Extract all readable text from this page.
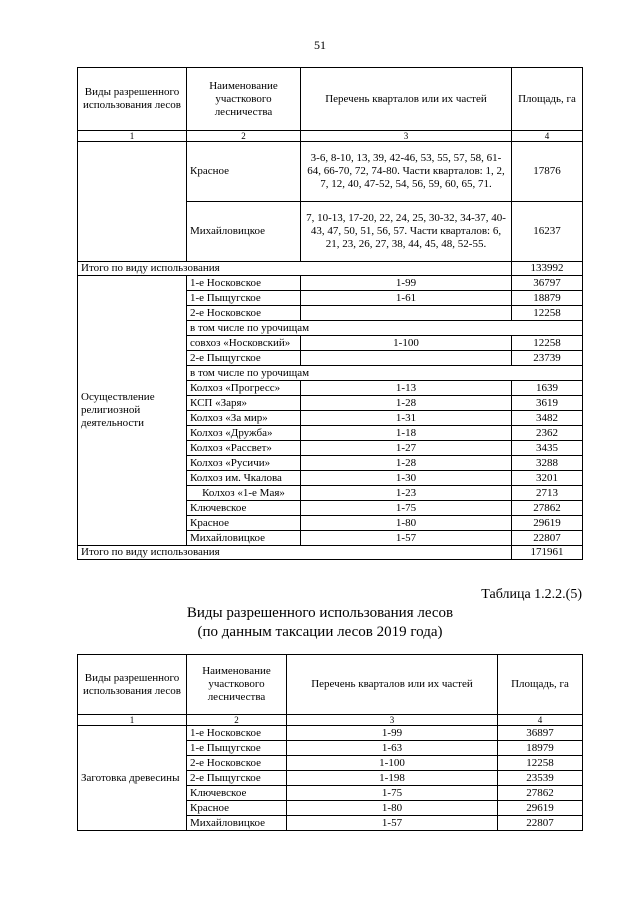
51
Виды разрешенного использования лесов	Наименование участкового лесничества	Перечень кварталов или их частей	Площадь, га
1	2	3	4
	Красное	3-6, 8-10, 13, 39, 42-46, 53, 55, 57, 58, 61-64, 66-70, 72, 74-80. Части кварталов: 1, 2, 7, 12, 40, 47-52, 54, 56, 59, 60, 65, 71.	17876
	Михайловицкое	7, 10-13, 17-20, 22, 24, 25, 30-32, 34-37, 40-43, 47, 50, 51, 56, 57. Части кварталов: 6, 21, 23, 26, 27, 38, 44, 45, 48, 52-55.	16237
Итого по виду использования			133992
Осуществление религиозной деятельности	1-е Носковское	1-99	36797
	1-е Пыщугское	1-61	18879
	2-е Носковское		12258
	в том числе по урочищам		
	совхоз «Носковский»	1-100	12258
	2-е Пыщугское		23739
	в том числе по урочищам		
	Колхоз «Прогресс»	1-13	1639
	КСП «Заря»	1-28	3619
	Колхоз «За мир»	1-31	3482
	Колхоз «Дружба»	1-18	2362
	Колхоз «Рассвет»	1-27	3435
	Колхоз «Русичи»	1-28	3288
	Колхоз им. Чкалова	1-30	3201
	Колхоз «1-е Мая»	1-23	2713
	Ключевское	1-75	27862
	Красное	1-80	29619
	Михайловицкое	1-57	22807
Итого по виду использования			171961
Таблица 1.2.2.(5)
Виды разрешенного использования лесов
(по данным таксации лесов 2019 года)
Виды разрешенного использования лесов	Наименование участкового лесничества	Перечень кварталов или их частей	Площадь, га
1	2	3	4
Заготовка древесины	1-е Носковское	1-99	36897
	1-е Пыщугское	1-63	18979
	2-е Носковское	1-100	12258
	2-е Пыщугское	1-198	23539
	Ключевское	1-75	27862
	Красное	1-80	29619
	Михайловицкое	1-57	22807
